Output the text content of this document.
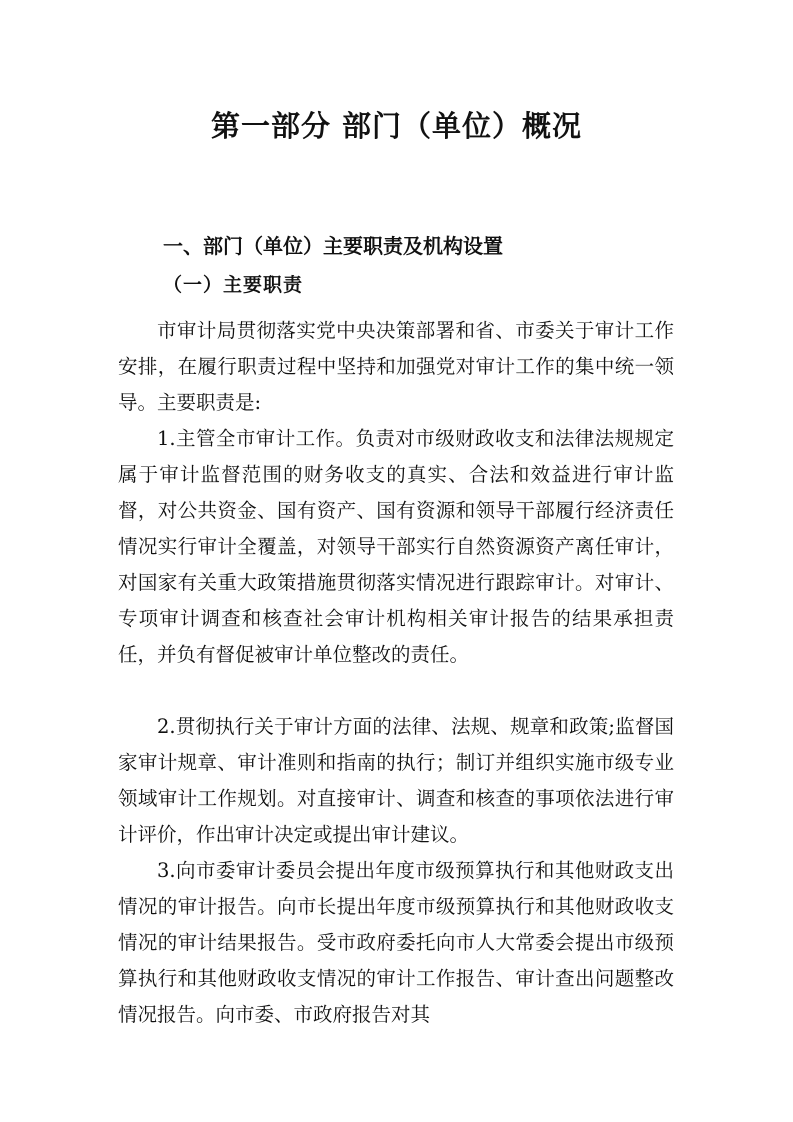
第一部分 部门（单位）概况
一、部门（单位）主要职责及机构设置
（一）主要职责

市审计局贯彻落实党中央决策部署和省、市委关于审计工作安排，在履行职责过程中坚持和加强党对审计工作的集中统一领导。主要职责是:

1.主管全市审计工作。负责对市级财政收支和法律法规规定属于审计监督范围的财务收支的真实、合法和效益进行审计监督，对公共资金、国有资产、国有资源和领导干部履行经济责任情况实行审计全覆盖，对领导干部实行自然资源资产离任审计，对国家有关重大政策措施贯彻落实情况进行跟踪审计。对审计、专项审计调查和核查社会审计机构相关审计报告的结果承担责任，并负有督促被审计单位整改的责任。

2.贯彻执行关于审计方面的法律、法规、规章和政策;监督国家审计规章、审计准则和指南的执行；制订并组织实施市级专业领域审计工作规划。对直接审计、调查和核查的事项依法进行审计评价，作出审计决定或提出审计建议。

3.向市委审计委员会提出年度市级预算执行和其他财政支出情况的审计报告。向市长提出年度市级预算执行和其他财政收支情况的审计结果报告。受市政府委托向市人大常委会提出市级预算执行和其他财政收支情况的审计工作报告、审计查出问题整改情况报告。向市委、市政府报告对其
